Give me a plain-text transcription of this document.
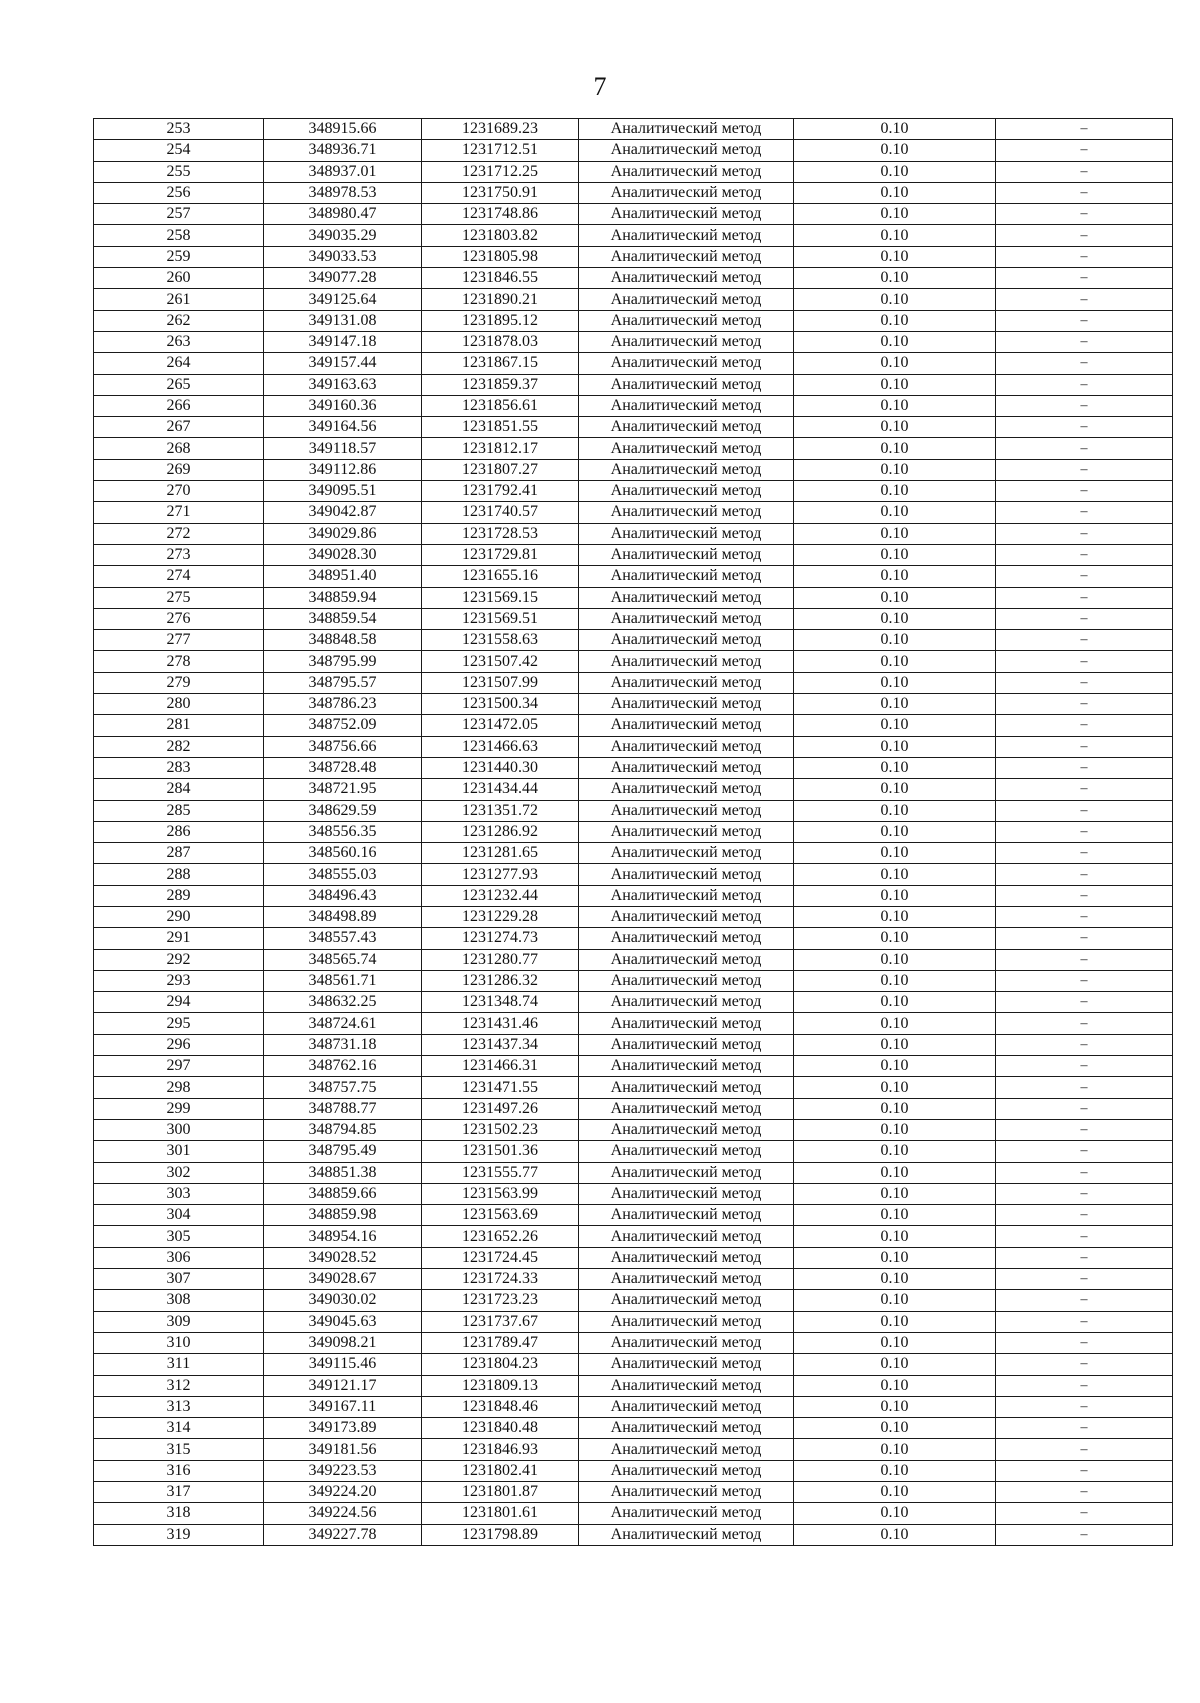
7
253	348915.66	1231689.23	Аналитический метод	0.10	–
254	348936.71	1231712.51	Аналитический метод	0.10	–
255	348937.01	1231712.25	Аналитический метод	0.10	–
256	348978.53	1231750.91	Аналитический метод	0.10	–
257	348980.47	1231748.86	Аналитический метод	0.10	–
258	349035.29	1231803.82	Аналитический метод	0.10	–
259	349033.53	1231805.98	Аналитический метод	0.10	–
260	349077.28	1231846.55	Аналитический метод	0.10	–
261	349125.64	1231890.21	Аналитический метод	0.10	–
262	349131.08	1231895.12	Аналитический метод	0.10	–
263	349147.18	1231878.03	Аналитический метод	0.10	–
264	349157.44	1231867.15	Аналитический метод	0.10	–
265	349163.63	1231859.37	Аналитический метод	0.10	–
266	349160.36	1231856.61	Аналитический метод	0.10	–
267	349164.56	1231851.55	Аналитический метод	0.10	–
268	349118.57	1231812.17	Аналитический метод	0.10	–
269	349112.86	1231807.27	Аналитический метод	0.10	–
270	349095.51	1231792.41	Аналитический метод	0.10	–
271	349042.87	1231740.57	Аналитический метод	0.10	–
272	349029.86	1231728.53	Аналитический метод	0.10	–
273	349028.30	1231729.81	Аналитический метод	0.10	–
274	348951.40	1231655.16	Аналитический метод	0.10	–
275	348859.94	1231569.15	Аналитический метод	0.10	–
276	348859.54	1231569.51	Аналитический метод	0.10	–
277	348848.58	1231558.63	Аналитический метод	0.10	–
278	348795.99	1231507.42	Аналитический метод	0.10	–
279	348795.57	1231507.99	Аналитический метод	0.10	–
280	348786.23	1231500.34	Аналитический метод	0.10	–
281	348752.09	1231472.05	Аналитический метод	0.10	–
282	348756.66	1231466.63	Аналитический метод	0.10	–
283	348728.48	1231440.30	Аналитический метод	0.10	–
284	348721.95	1231434.44	Аналитический метод	0.10	–
285	348629.59	1231351.72	Аналитический метод	0.10	–
286	348556.35	1231286.92	Аналитический метод	0.10	–
287	348560.16	1231281.65	Аналитический метод	0.10	–
288	348555.03	1231277.93	Аналитический метод	0.10	–
289	348496.43	1231232.44	Аналитический метод	0.10	–
290	348498.89	1231229.28	Аналитический метод	0.10	–
291	348557.43	1231274.73	Аналитический метод	0.10	–
292	348565.74	1231280.77	Аналитический метод	0.10	–
293	348561.71	1231286.32	Аналитический метод	0.10	–
294	348632.25	1231348.74	Аналитический метод	0.10	–
295	348724.61	1231431.46	Аналитический метод	0.10	–
296	348731.18	1231437.34	Аналитический метод	0.10	–
297	348762.16	1231466.31	Аналитический метод	0.10	–
298	348757.75	1231471.55	Аналитический метод	0.10	–
299	348788.77	1231497.26	Аналитический метод	0.10	–
300	348794.85	1231502.23	Аналитический метод	0.10	–
301	348795.49	1231501.36	Аналитический метод	0.10	–
302	348851.38	1231555.77	Аналитический метод	0.10	–
303	348859.66	1231563.99	Аналитический метод	0.10	–
304	348859.98	1231563.69	Аналитический метод	0.10	–
305	348954.16	1231652.26	Аналитический метод	0.10	–
306	349028.52	1231724.45	Аналитический метод	0.10	–
307	349028.67	1231724.33	Аналитический метод	0.10	–
308	349030.02	1231723.23	Аналитический метод	0.10	–
309	349045.63	1231737.67	Аналитический метод	0.10	–
310	349098.21	1231789.47	Аналитический метод	0.10	–
311	349115.46	1231804.23	Аналитический метод	0.10	–
312	349121.17	1231809.13	Аналитический метод	0.10	–
313	349167.11	1231848.46	Аналитический метод	0.10	–
314	349173.89	1231840.48	Аналитический метод	0.10	–
315	349181.56	1231846.93	Аналитический метод	0.10	–
316	349223.53	1231802.41	Аналитический метод	0.10	–
317	349224.20	1231801.87	Аналитический метод	0.10	–
318	349224.56	1231801.61	Аналитический метод	0.10	–
319	349227.78	1231798.89	Аналитический метод	0.10	–
